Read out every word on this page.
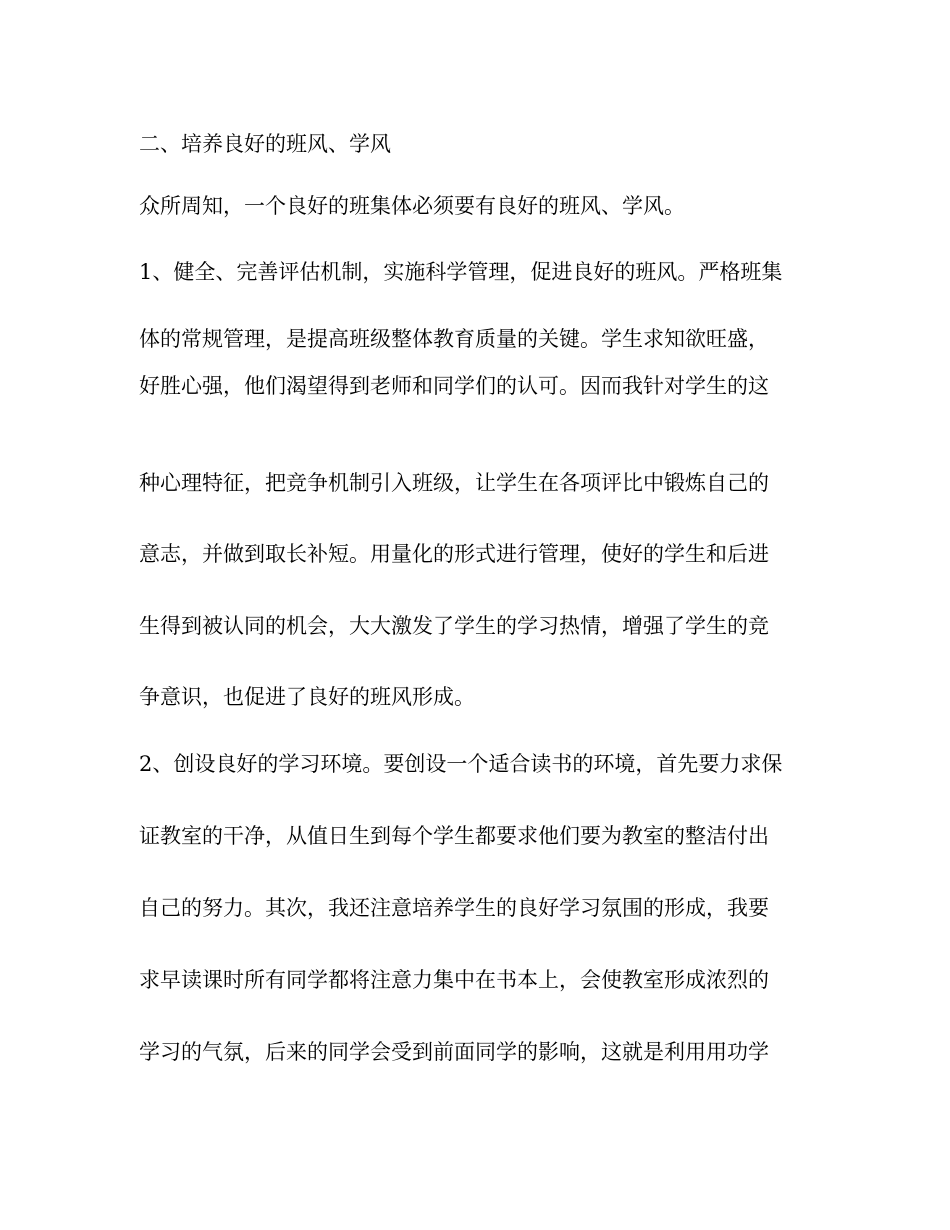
二、培养良好的班风、学风
众所周知，一个良好的班集体必须要有良好的班风、学风。
1、健全、完善评估机制，实施科学管理，促进良好的班风。严格班集
体的常规管理，是提高班级整体教育质量的关键。学生求知欲旺盛，
好胜心强，他们渴望得到老师和同学们的认可。因而我针对学生的这
种心理特征，把竞争机制引入班级，让学生在各项评比中锻炼自己的
意志，并做到取长补短。用量化的形式进行管理，使好的学生和后进
生得到被认同的机会，大大激发了学生的学习热情，增强了学生的竞
争意识，也促进了良好的班风形成。
2、创设良好的学习环境。要创设一个适合读书的环境，首先要力求保
证教室的干净，从值日生到每个学生都要求他们要为教室的整洁付出
自己的努力。其次，我还注意培养学生的良好学习氛围的形成，我要
求早读课时所有同学都将注意力集中在书本上，会使教室形成浓烈的
学习的气氛，后来的同学会受到前面同学的影响，这就是利用用功学
